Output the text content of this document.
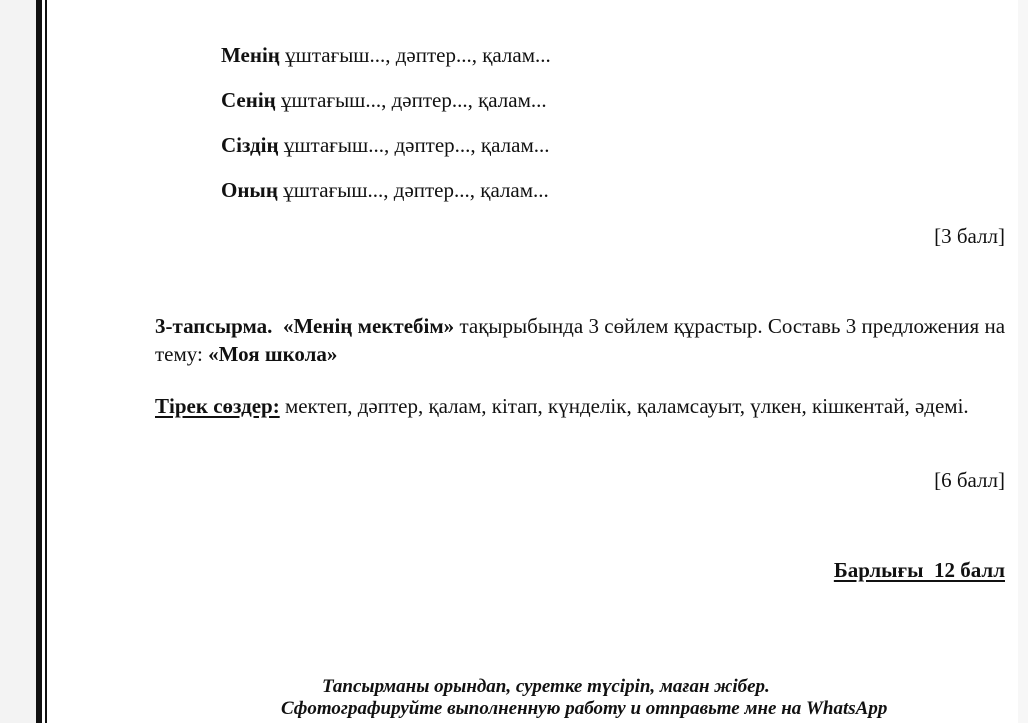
Менің ұштағыш..., дәптер..., қалам...
Сенің ұштағыш..., дәптер..., қалам...
Сіздің ұштағыш..., дәптер..., қалам...
Оның ұштағыш..., дәптер..., қалам...
[3 балл]
3-тапсырма. «Менің мектебім» тақырыбында 3 сөйлем құрастыр. Составь 3 предложения на тему: «Моя школа»
Тірек сөздер: мектеп, дәптер, қалам, кітап, күнделік, қаламсауыт, үлкен, кішкентай, әдемі.
[6 балл]
Барлығы  12 балл
Тапсырманы орындап, суретке түсіріп, маған жібер.
Сфотографируйте выполненную работу и отправьте мне на WhatsApp
